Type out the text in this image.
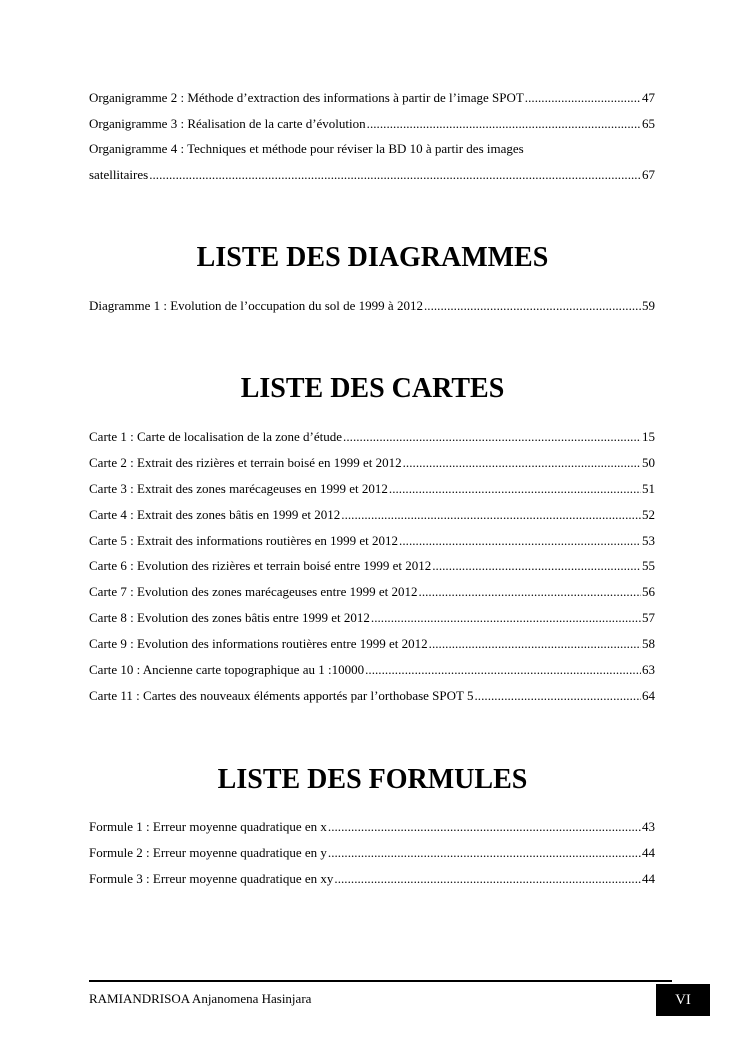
Organigramme 2 : Méthode d’extraction des informations à partir de l’image SPOT . . .	47
Organigramme 3 : Réalisation de la carte d’évolution . . .	65
Organigramme 4 : Techniques et méthode pour réviser la BD 10 à partir des images
satellitaires . . .	67
LISTE DES DIAGRAMMES
Diagramme 1 : Evolution de l’occupation du sol de 1999 à 2012 . . .	59
LISTE DES CARTES
Carte 1 : Carte de localisation de la zone d’étude . . .	15
Carte 2 : Extrait des rizières et terrain boisé en 1999 et 2012 . . .	50
Carte 3 : Extrait des zones marécageuses en 1999 et 2012 . . .	51
Carte 4 : Extrait des zones bâtis en 1999 et 2012 . . .	52
Carte 5 : Extrait des informations routières en 1999 et 2012 . . .	53
Carte 6 : Evolution des rizières et terrain boisé entre 1999 et 2012 . . .	55
Carte 7 : Evolution des zones marécageuses entre 1999 et 2012 . . .	56
Carte 8 : Evolution des zones bâtis entre 1999 et 2012 . . .	57
Carte 9 : Evolution des informations routières entre 1999 et 2012 . . .	58
Carte 10 : Ancienne carte topographique au 1 :10000 . . .	63
Carte 11 : Cartes des nouveaux éléments apportés par l’orthobase SPOT 5 . . .	64
LISTE DES FORMULES
Formule 1 : Erreur moyenne quadratique en x . . .	43
Formule 2 : Erreur moyenne quadratique en y . . .	44
Formule 3 : Erreur moyenne quadratique en xy . . .	44
RAMIANDRISOA Anjanomena Hasinjara	VI
